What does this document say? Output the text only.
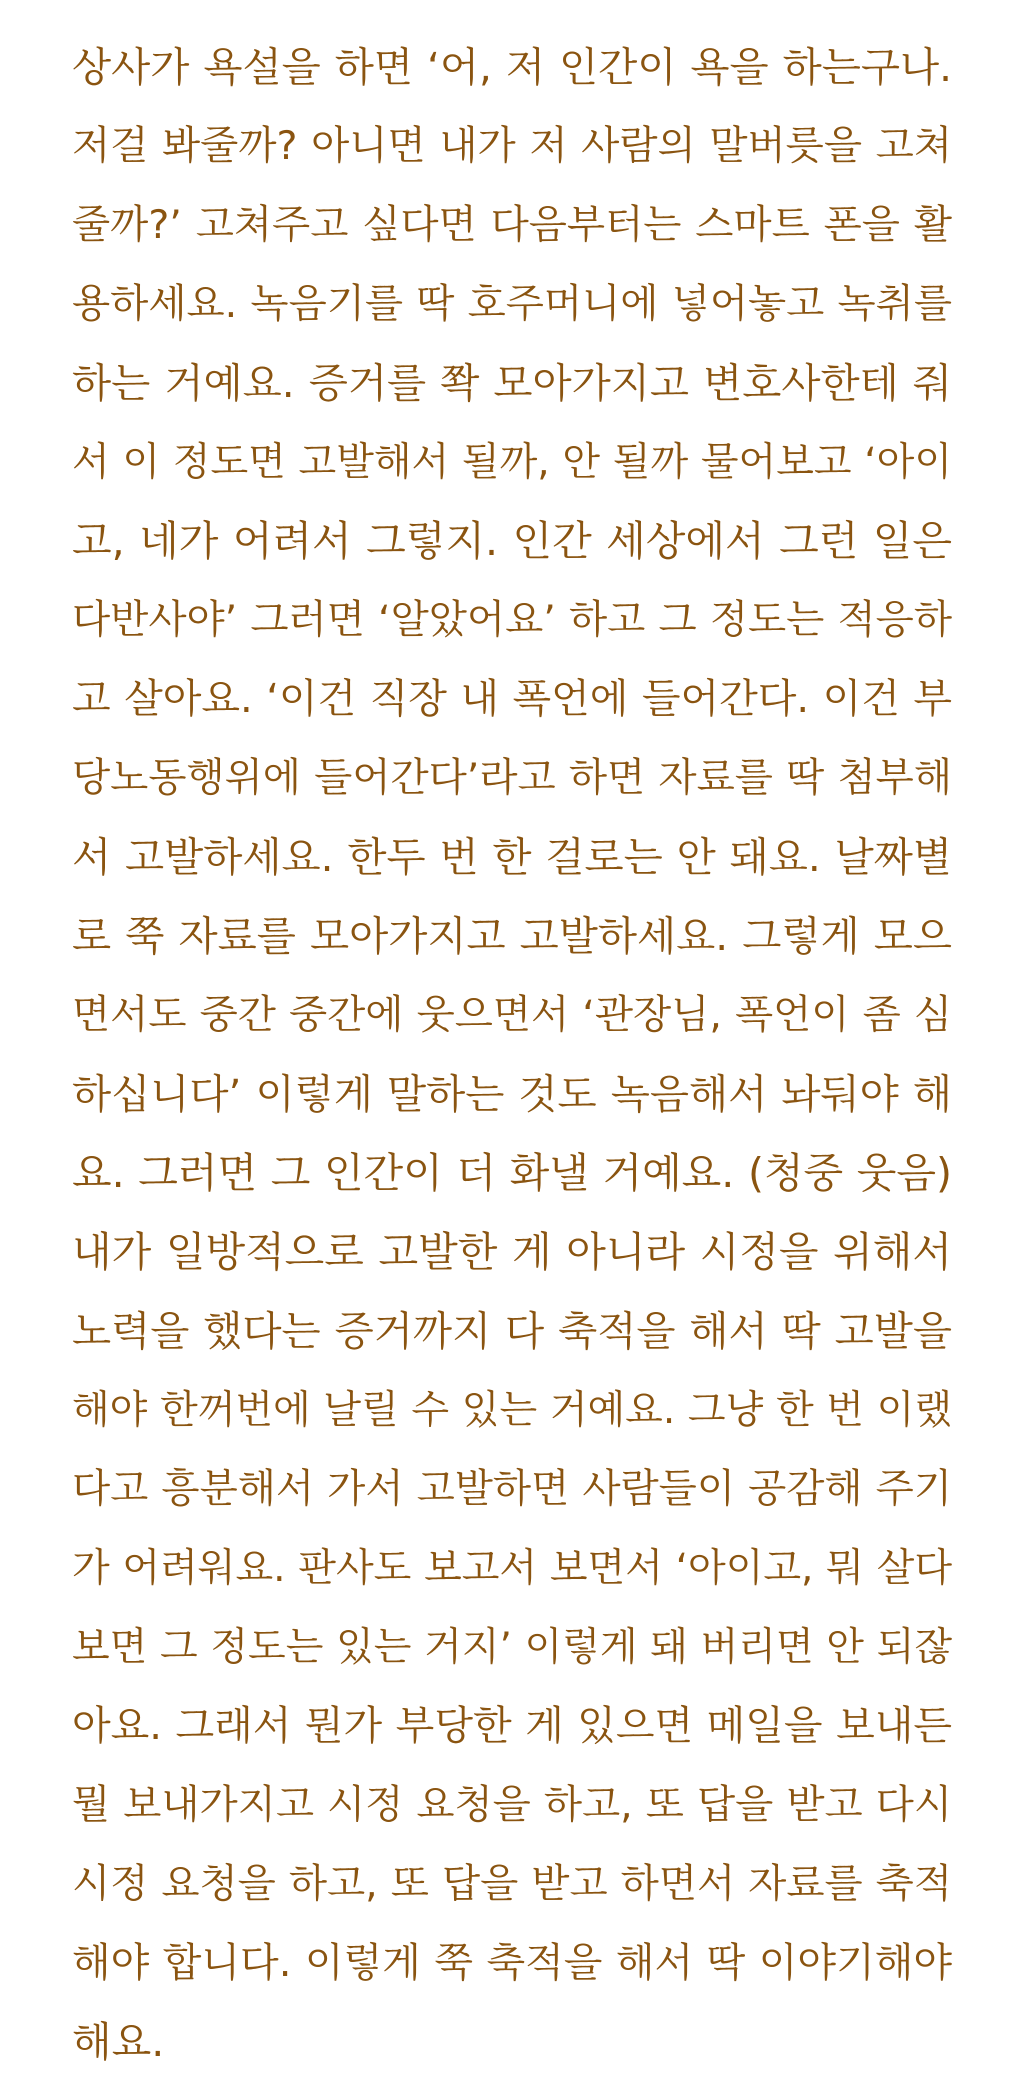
상사가 욕설을 하면 ‘어, 저 인간이 욕을 하는구나.
저걸 봐줄까? 아니면 내가 저 사람의 말버릇을 고쳐
줄까?’ 고쳐주고 싶다면 다음부터는 스마트 폰을 활
용하세요. 녹음기를 딱 호주머니에 넣어놓고 녹취를
하는 거예요. 증거를 쫙 모아가지고 변호사한테 줘
서 이 정도면 고발해서 될까, 안 될까 물어보고 ‘아이
고, 네가 어려서 그렇지. 인간 세상에서 그런 일은
다반사야’ 그러면 ‘알았어요’ 하고 그 정도는 적응하
고 살아요. ‘이건 직장 내 폭언에 들어간다. 이건 부
당노동행위에 들어간다’라고 하면 자료를 딱 첨부해
서 고발하세요. 한두 번 한 걸로는 안 돼요. 날짜별
로 쭉 자료를 모아가지고 고발하세요. 그렇게 모으
면서도 중간 중간에 웃으면서 ‘관장님, 폭언이 좀 심
하십니다’ 이렇게 말하는 것도 녹음해서 놔둬야 해
요. 그러면 그 인간이 더 화낼 거예요. (청중 웃음)
내가 일방적으로 고발한 게 아니라 시정을 위해서
노력을 했다는 증거까지 다 축적을 해서 딱 고발을
해야 한꺼번에 날릴 수 있는 거예요. 그냥 한 번 이랬
다고 흥분해서 가서 고발하면 사람들이 공감해 주기
가 어려워요. 판사도 보고서 보면서 ‘아이고, 뭐 살다
보면 그 정도는 있는 거지’ 이렇게 돼 버리면 안 되잖
아요. 그래서 뭔가 부당한 게 있으면 메일을 보내든
뭘 보내가지고 시정 요청을 하고, 또 답을 받고 다시
시정 요청을 하고, 또 답을 받고 하면서 자료를 축적
해야 합니다. 이렇게 쭉 축적을 해서 딱 이야기해야
해요.
